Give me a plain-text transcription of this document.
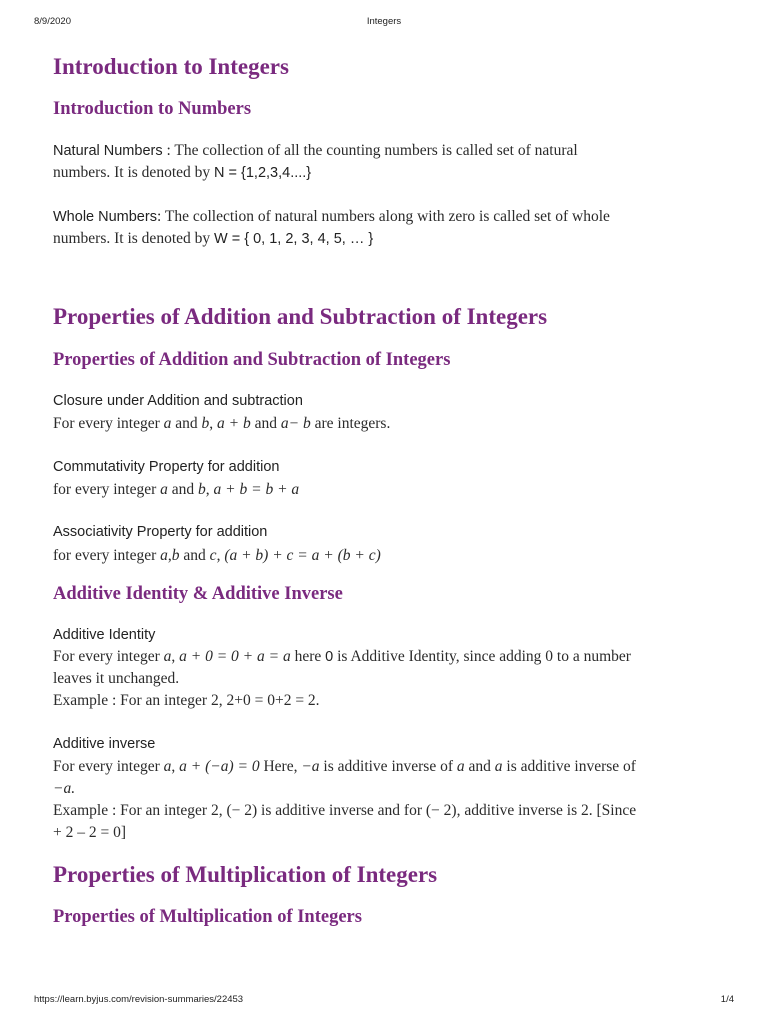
8/9/2020	Integers
Introduction to Integers
Introduction to Numbers
Natural Numbers : The collection of all the counting numbers is called set of natural
numbers. It is denoted by N = {1,2,3,4....}
Whole Numbers: The collection of natural numbers along with zero is called set of whole
numbers. It is denoted by W = { 0, 1, 2, 3, 4, 5, … }
Properties of Addition and Subtraction of Integers
Properties of Addition and Subtraction of Integers
Closure under Addition and subtraction
For every integer a and b, a + b and a− b are integers.
Commutativity Property for addition
for every integer a and b, a + b = b + a
Associativity Property for addition
for every integer a,b and c, (a + b) + c = a + (b + c)
Additive Identity & Additive Inverse
Additive Identity
For every integer a, a + 0 = 0 + a = a here 0 is Additive Identity, since adding 0 to a number
leaves it unchanged.
Example : For an integer 2, 2+0 = 0+2 = 2.
Additive inverse
For every integer a, a + (−a) = 0 Here, −a is additive inverse of a and a is additive inverse of
−a.
Example : For an integer 2, (− 2) is additive inverse and for (− 2), additive inverse is 2. [Since
+ 2 – 2 = 0]
Properties of Multiplication of Integers
Properties of Multiplication of Integers
https://learn.byjus.com/revision-summaries/22453	1/4
